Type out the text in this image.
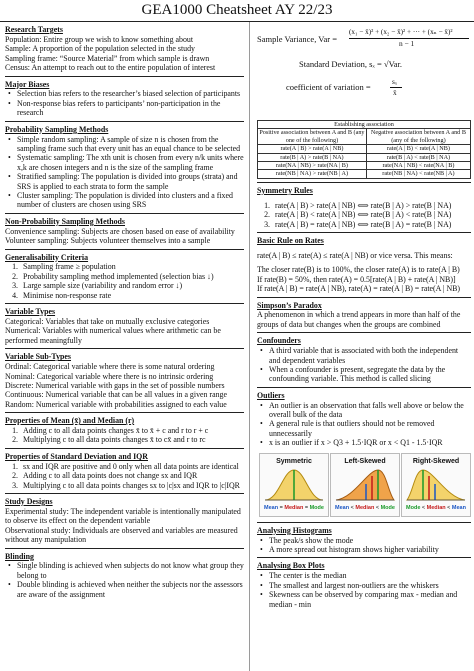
GEA1000 Cheatsheet AY 22/23
Research Targets
Population: Entire group we wish to know something about
Sample: A proportion of the population selected in the study
Sampling frame: “Source Material” from which sample is drawn
Census: An attempt to reach out to the entire population of interest
Major Biases
• Selection bias refers to the researcher’s biased selection of participants
• Non-response bias refers to participants’ non-participation in the research
Probability Sampling Methods
• Simple random sampling: A sample of size n is chosen from the sampling frame such that every unit has an equal chance to be selected
• Systematic sampling: The xth unit is chosen from every n/k units where x,k are chosen integers and n is the size of the sampling frame
• Stratified sampling: The population is divided into groups (strata) and SRS is applied to each strata to form the sample
• Cluster sampling: The population is divided into clusters and a fixed number of clusters are chosen using SRS
Non-Probability Sampling Methods
Convenience sampling: Subjects are chosen based on ease of availability
Volunteer sampling: Subjects volunteer themselves into a sample
Generalisability Criteria
1. Sampling frame ≥ population
2. Probability sampling method implemented (selection bias ↓)
3. Large sample size (variability and random error ↓)
4. Minimise non-response rate
Variable Types
Categorical: Variables that take on mutually exclusive categories
Numerical: Variables with numerical values where arithmetic can be performed meaningfully
Variable Sub-Types
Ordinal: Categorical variable where there is some natural ordering
Nominal: Categorical variable where there is no intrinsic ordering
Discrete: Numerical variable with gaps in the set of possible numbers
Continuous: Numerical variable that can be all values in a given range
Random: Numerical variable with probabilities assigned to each value
Properties of Mean (x̄) and Median (r)
1. Adding c to all data points changes x̄ to x̄ + c and r to r + c
2. Multiplying c to all data points changes x̄ to cx̄ and r to rc
Properties of Standard Deviation and IQR
1. sx and IQR are positive and 0 only when all data points are identical
2. Adding c to all data points does not change sx and IQR
3. Multiplying c to all data points changes sx to |c|sx and IQR to |c|IQR
Study Designs
Experimental study: The independent variable is intentionally manipulated to observe its effect on the dependent variable
Observational study: Individuals are observed and variables are measured without any manipulation
Blinding
• Single blinding is achieved when subjects do not know what group they belong to
• Double blinding is achieved when neither the subjects nor the assessors are aware of the assignment
Sample Variance, Var =
(x₁ − x̄)² + (x₂ − x̄)² + ··· + (xₙ − x̄)²
n − 1
Standard Deviation, sₓ = √Var.
coefficient of variation =
sₓ
x̄
Establishing association	
Positive association between A and B (any one of the following)	Negative association between A and B (any of the following)
rate(A | B) > rate(A | NB)	rate(A | B) < rate(A | NB)
rate(B | A) > rate(B | NA)	rate(B | A) < rate(B | NA)
rate(NA | NB) > rate(NA | B)	rate(NA | NB) < rate(NA | B)
rate(NB | NA) > rate(NB | A)	rate(NB | NA) < rate(NB | A)
Symmetry Rules
1. rate(A | B) > rate(A | NB) ⟺ rate(B | A) > rate(B | NA)
2. rate(A | B) < rate(A | NB) ⟺ rate(B | A) < rate(B | NA)
3. rate(A | B) = rate(A | NB) ⟺ rate(B | A) = rate(B | NA)
Basic Rule on Rates
rate(A | B) ≤ rate(A) ≤ rate(A | NB) or vice versa. This means:
The closer rate(B) is to 100%, the closer rate(A) is to rate(A | B)
If rate(B) = 50%, then rate(A) = 0.5[rate(A | B) + rate(A | NB)]
If rate(A | B) = rate(A | NB), rate(A) = rate(A | B) = rate(A | NB)
Simpson’s Paradox
A phenomenon in which a trend appears in more than half of the groups of data but changes when the groups are combined
Confounders
• A third variable that is associated with both the independent and dependent variables
• When a confounder is present, segregate the data by the confounding variable. This method is called slicing
Outliers
• An outlier is an observation that falls well above or below the overall bulk of the data
• A general rule is that outliers should not be removed unnecessarily
• x is an outlier if x > Q3 + 1.5·IQR or x < Q1 - 1.5·IQR
Symmetric
Mean = Median = Mode
Left-Skewed
Mean < Median < Mode
Right-Skewed
Mode < Median < Mean
Analysing Histograms
• The peak/s show the mode
• A more spread out histogram shows higher variability
Analysing Box Plots
• The center is the median
• The smallest and largest non-outliers are the whiskers
• Skewness can be observed by comparing max - median and median - min
